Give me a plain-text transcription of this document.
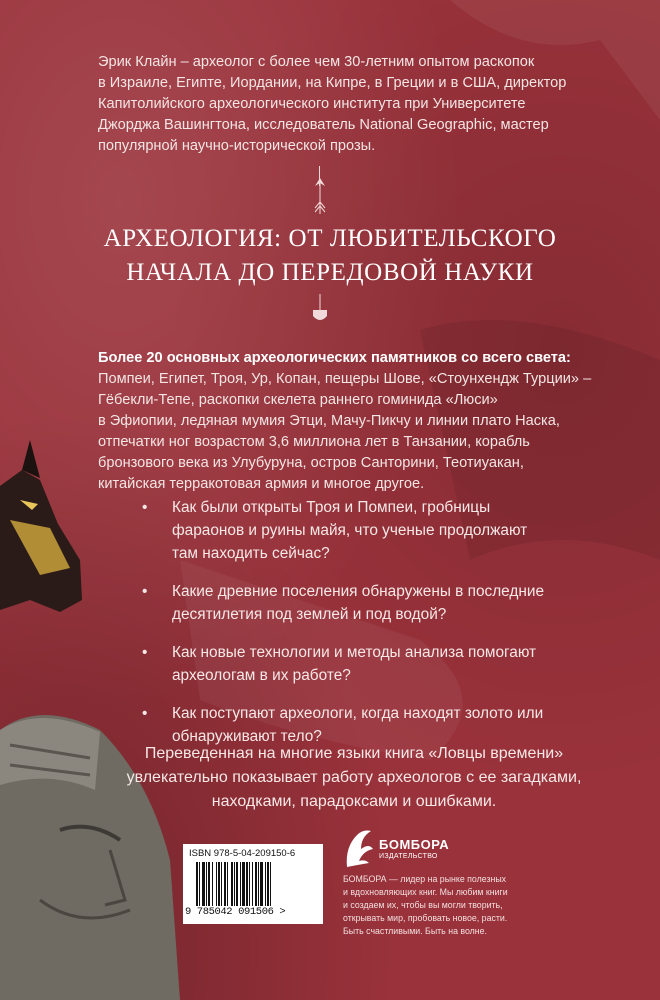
Эрик Клайн – археолог с более чем 30-летним опытом раскопок

в Израиле, Египте, Иордании, на Кипре, в Греции и в США, директор

Капитолийского археологического института при Университете

Джорджа Вашингтона, исследователь National Geographic, мастер

популярной научно-исторической прозы.

АРХЕОЛОГИЯ: ОТ ЛЮБИТЕЛЬСКОГО
НАЧАЛА ДО ПЕРЕДОВОЙ НАУКИ
Более 20 основных археологических памятников со всего света:
Помпеи, Египет, Троя, Ур, Копан, пещеры Шове, «Стоунхендж Турции» –
Гёбекли-Тепе, раскопки скелета раннего гоминида «Люси»
в Эфиопии, ледяная мумия Этци, Мачу-Пикчу и линии плато Наска,
отпечатки ног возрастом 3,6 миллиона лет в Танзании, корабль
бронзового века из Улубуруна, остров Санторини, Теотиуакан,
китайская терракотовая армия и многое другое.
• Как были открыты Троя и Помпеи, гробницы
фараонов и руины майя, что ученые продолжают
там находить сейчас?
• Какие древние поселения обнаружены в последние
десятилетия под землей и под водой?
• Как новые технологии и методы анализа помогают
археологам в их работе?
• Как поступают археологи, когда находят золото или
обнаруживают тело?
Переведенная на многие языки книга «Ловцы времени»
увлекательно показывает работу археологов с ее загадками,
находками, парадоксами и ошибками.
ISBN 978-5-04-209150-6
9 785042 091506 >
БОМБОРА
ИЗДАТЕЛЬСТВО
БОМБОРА — лидер на рынке полезных
и вдохновляющих книг. Мы любим книги
и создаем их, чтобы вы могли творить,
открывать мир, пробовать новое, расти.
Быть счастливыми. Быть на волне.
